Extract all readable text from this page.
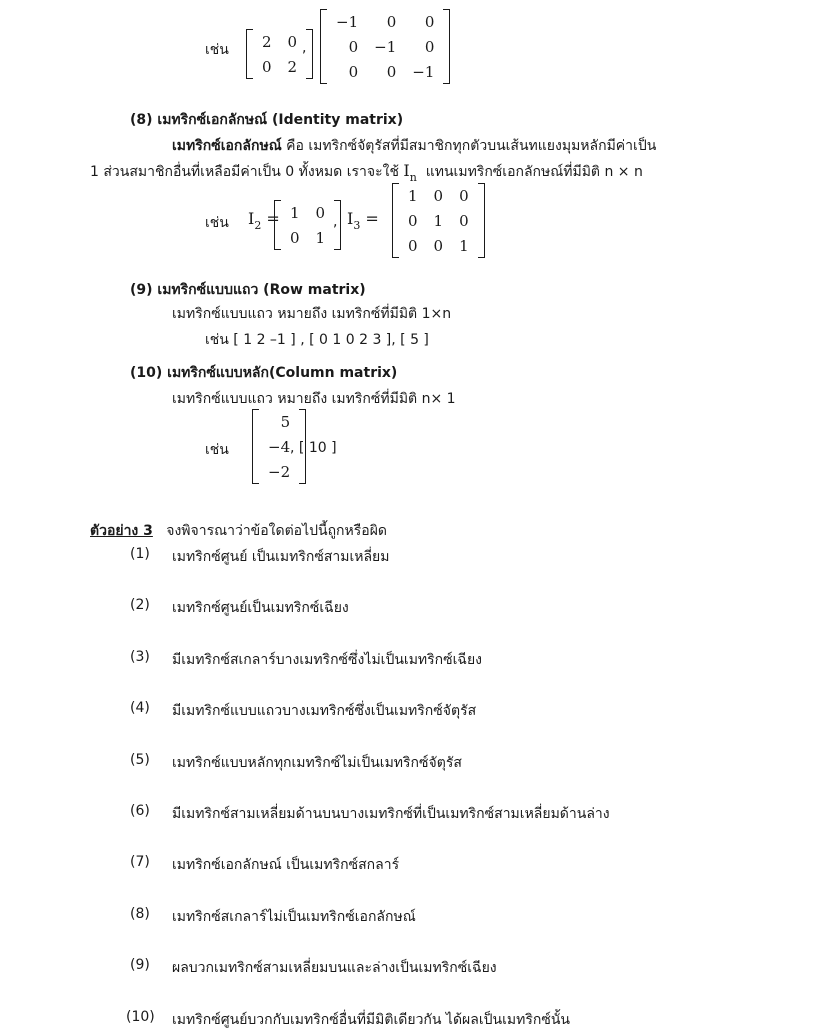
เช่น 2	0
0	2
,
−1	0	0
0	−1	0
0	0	−1
(8) เมทริกซ์เอกลักษณ์ (Identity matrix)
เมทริกซ์เอกลักษณ์ คือ เมทริกซ์จัตุรัสที่มีสมาชิกทุกตัวบนเส้นทแยงมุมหลักมีค่าเป็น
1 ส่วนสมาชิกอื่นที่เหลือมีค่าเป็น 0 ทั้งหมด เราจะใช้ $I_n$ แทนเมทริกซ์เอกลักษณ์ที่มีมิติ n × n
เช่น $I_2 = 1$	0
0	1
, $I_3$ =
1	0	0
0	1	0
0	0	1
(9) เมทริกซ์แบบแถว (Row matrix)
เมทริกซ์แบบแถว หมายถึง เมทริกซ์ที่มีมิติ 1×n
เช่น [ 1 2 –1 ] , [ 0 1 0 2 3 ], [ 5 ]
(10) เมทริกซ์แบบหลัก(Column matrix)
เมทริกซ์แบบแถว หมายถึง เมทริกซ์ที่มีมิติ n× 1
เช่น
5
−4
−2
, [ 10 ]
ตัวอย่าง 3 จงพิจารณาว่าข้อใดต่อไปนี้ถูกหรือผิด
(1) เมทริกซ์ศูนย์ เป็นเมทริกซ์สามเหลี่ยม
(2) เมทริกซ์ศูนย์เป็นเมทริกซ์เฉียง
(3) มีเมทริกซ์สเกลาร์บางเมทริกซ์ซึ่งไม่เป็นเมทริกซ์เฉียง
(4) มีเมทริกซ์แบบแถวบางเมทริกซ์ซึ่งเป็นเมทริกซ์จัตุรัส
(5) เมทริกซ์แบบหลักทุกเมทริกซ์ไม่เป็นเมทริกซ์จัตุรัส
(6) มีเมทริกซ์สามเหลี่ยมด้านบนบางเมทริกซ์ที่เป็นเมทริกซ์สามเหลี่ยมด้านล่าง
(7) เมทริกซ์เอกลักษณ์ เป็นเมทริกซ์สกลาร์
(8) เมทริกซ์สเกลาร์ไม่เป็นเมทริกซ์เอกลักษณ์
(9) ผลบวกเมทริกซ์สามเหลี่ยมบนและล่างเป็นเมทริกซ์เฉียง
(10) เมทริกซ์ศูนย์บวกกับเมทริกซ์อื่นที่มีมิติเดียวกัน ได้ผลเป็นเมทริกซ์นั้น
